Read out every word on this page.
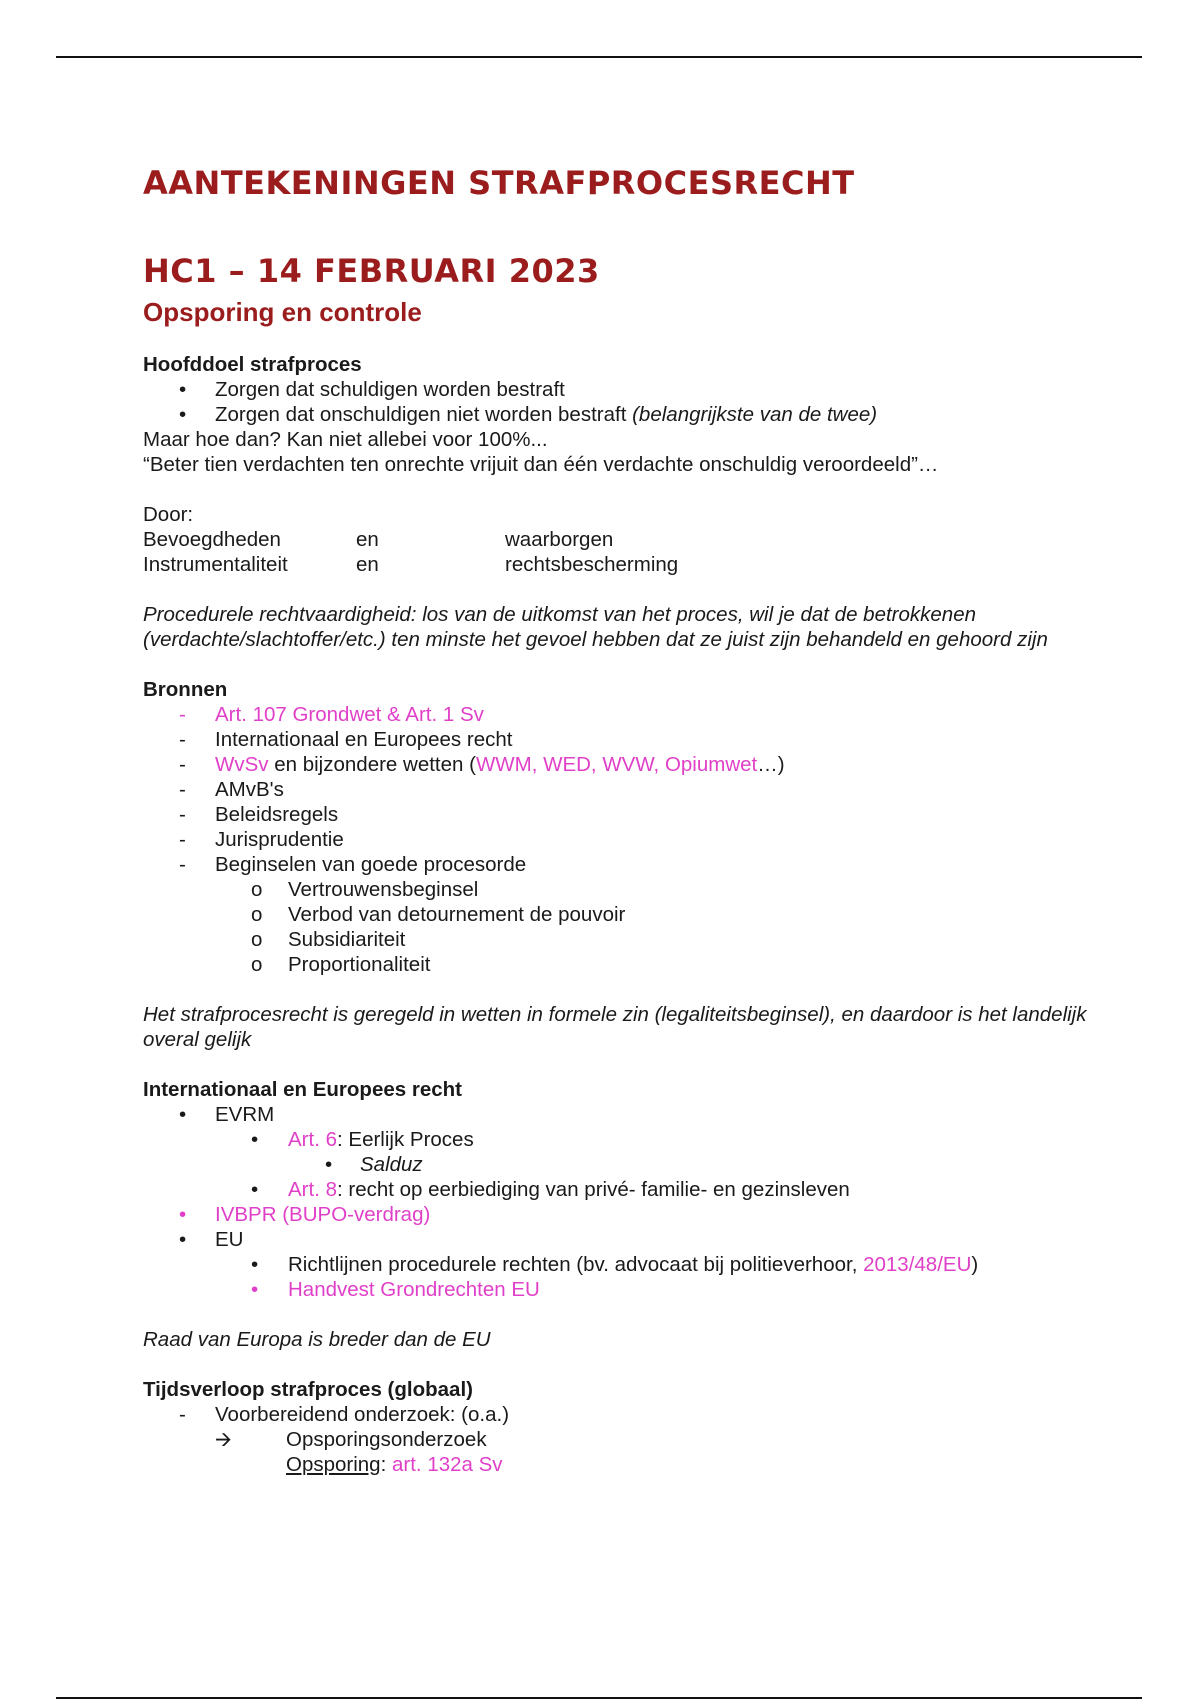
AANTEKENINGEN STRAFPROCESRECHT
HC1 – 14 FEBRUARI 2023
Opsporing en controle
Hoofddoel strafproces
•	Zorgen dat schuldigen worden bestraft
•	Zorgen dat onschuldigen niet worden bestraft (belangrijkste van de twee)
Maar hoe dan? Kan niet allebei voor 100%...
“Beter tien verdachten ten onrechte vrijuit dan één verdachte onschuldig veroordeeld”…
Door:
Bevoegdheden	en	waarborgen
Instrumentaliteit	en	rechtsbescherming
Procedurele rechtvaardigheid: los van de uitkomst van het proces, wil je dat de betrokkenen (verdachte/slachtoffer/etc.) ten minste het gevoel hebben dat ze juist zijn behandeld en gehoord zijn
Bronnen
-	Art. 107 Grondwet & Art. 1 Sv
-	Internationaal en Europees recht
-	WvSv en bijzondere wetten (WWM, WED, WVW, Opiumwet…)
-	AMvB's
-	Beleidsregels
-	Jurisprudentie
-	Beginselen van goede procesorde
o Vertrouwensbeginsel
o Verbod van detournement de pouvoir
o Subsidiariteit
o Proportionaliteit
Het strafprocesrecht is geregeld in wetten in formele zin (legaliteitsbeginsel), en daardoor is het landelijk overal gelijk
Internationaal en Europees recht
•	EVRM
• Art. 6: Eerlijk Proces
• Salduz
• Art. 8: recht op eerbiediging van privé- familie- en gezinsleven
•	IVBPR (BUPO-verdrag)
•	EU
• Richtlijnen procedurele rechten (bv. advocaat bij politieverhoor, 2013/48/EU)
• Handvest Grondrechten EU
Raad van Europa is breder dan de EU
Tijdsverloop strafproces (globaal)
-	Voorbereidend onderzoek: (o.a.)
🡪	Opsporingsonderzoek
Opsporing: art. 132a Sv
